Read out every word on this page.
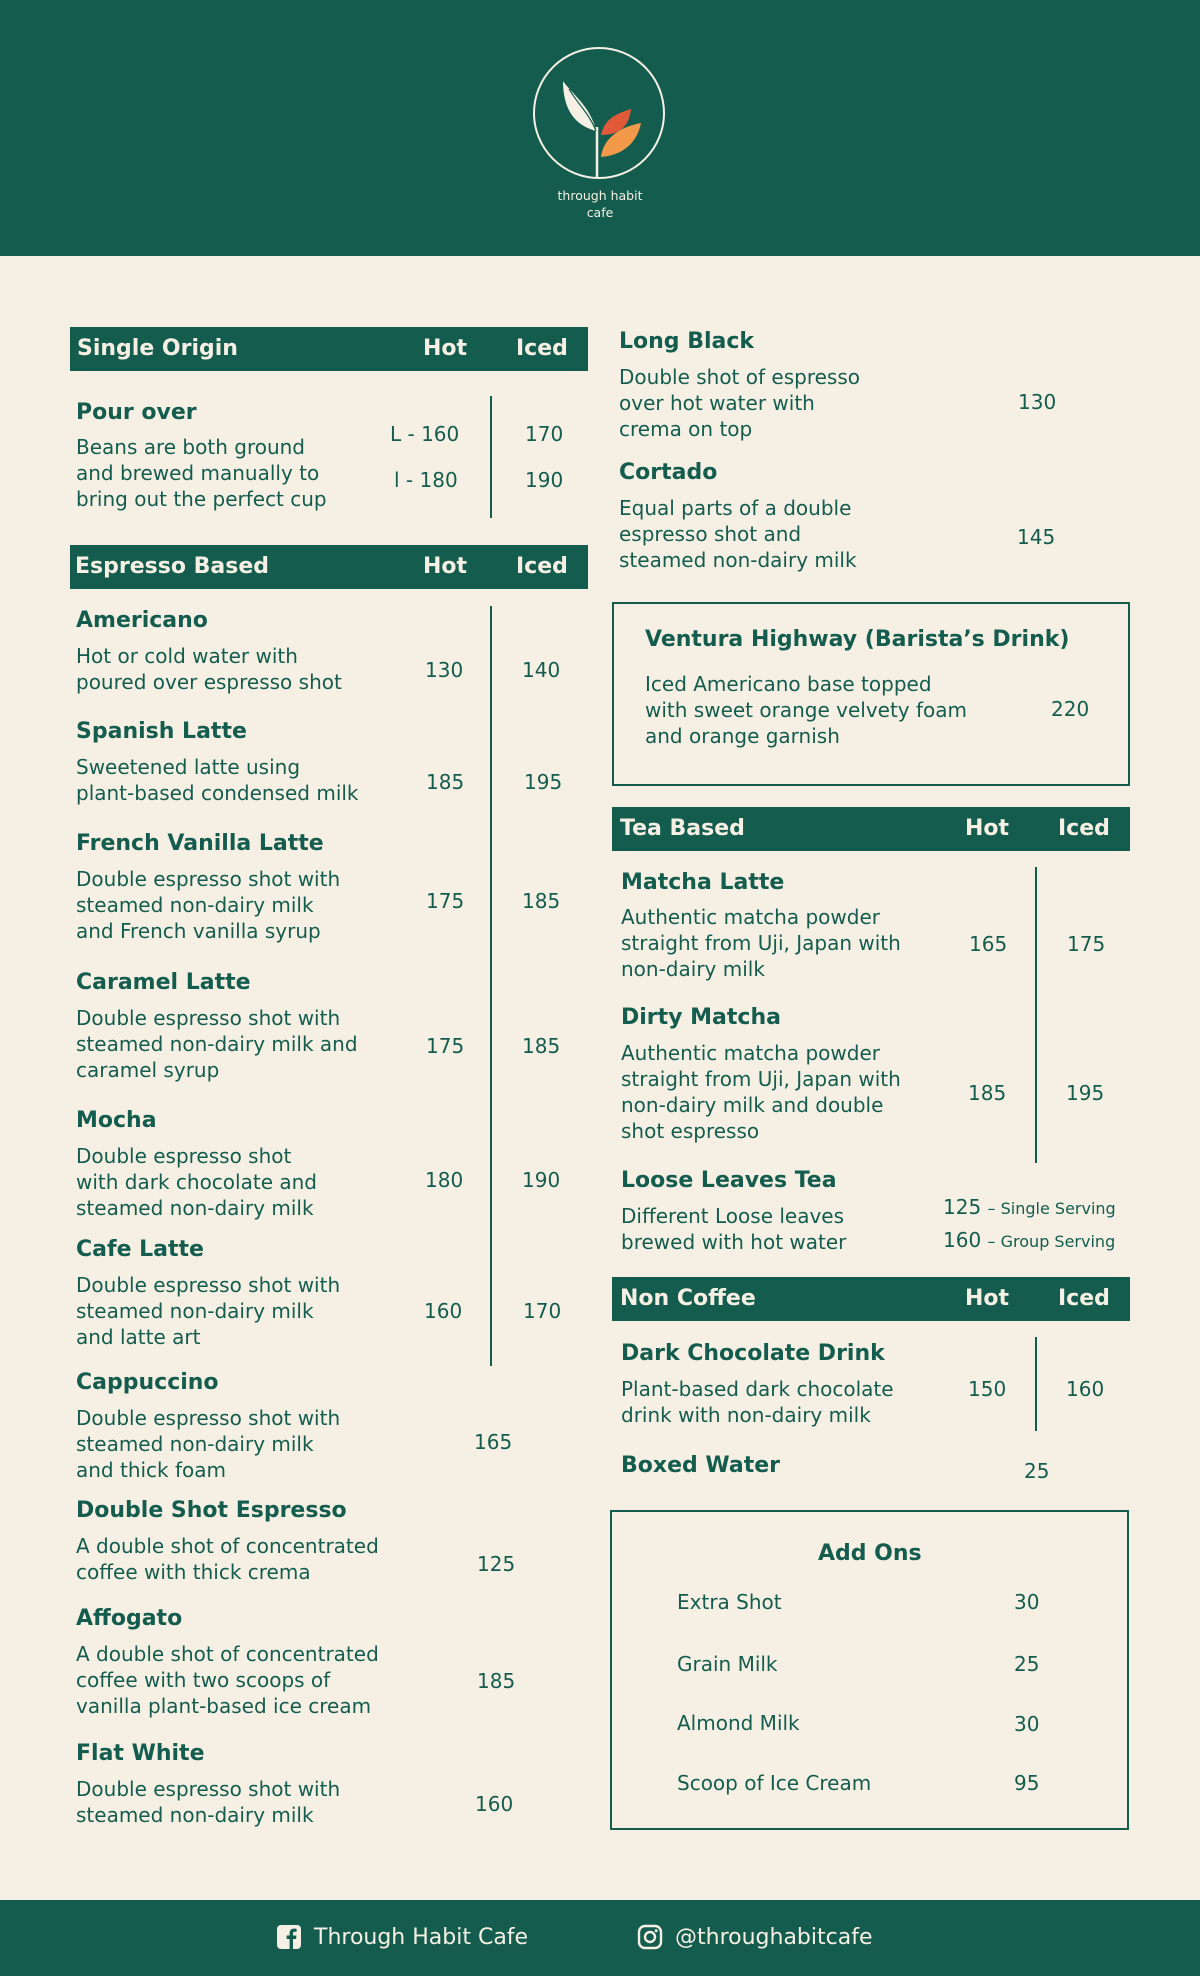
through habit
cafe
Single Origin	Hot Iced
Pour over
Beans are both ground
and brewed manually to
bring out the perfect cup
L - 160	170
l - 180	190
Espresso Based	Hot Iced
Americano
Hot or cold water with
poured over espresso shot	130	140
Spanish Latte
Sweetened latte using
plant-based condensed milk	185	195
French Vanilla Latte
Double espresso shot with
steamed non-dairy milk
and French vanilla syrup
175	185
Caramel Latte
Double espresso shot with
steamed non-dairy milk and
caramel syrup
175	185
Mocha
Double espresso shot
with dark chocolate and
steamed non-dairy milk
180	190
Cafe Latte
Double espresso shot with
steamed non-dairy milk
and latte art
160	170
Cappuccino
Double espresso shot with
steamed non-dairy milk
and thick foam
165
Double Shot Espresso
A double shot of concentrated
coffee with thick crema	125
Affogato
A double shot of concentrated
coffee with two scoops of
vanilla plant-based ice cream
185
Flat White
Double espresso shot with
steamed non-dairy milk	160
Long Black
Double shot of espresso
over hot water with
crema on top
130
Cortado
Equal parts of a double
espresso shot and
steamed non-dairy milk
145
Ventura Highway (Barista’s Drink)
Iced Americano base topped
with sweet orange velvety foam
and orange garnish
220
Tea Based	Hot Iced
Matcha Latte
Authentic matcha powder
straight from Uji, Japan with
non-dairy milk
165	175
Dirty Matcha
Authentic matcha powder
straight from Uji, Japan with
non-dairy milk and double
shot espresso
185	195
Loose Leaves Tea
Different Loose leaves
brewed with hot water
125 – Single Serving
160 – Group Serving
Non Coffee	Hot Iced
Dark Chocolate Drink
Plant-based dark chocolate
drink with non-dairy milk
150	160
Boxed Water	25
Add Ons
Extra Shot	30
Grain Milk	25
Almond Milk	30
Scoop of Ice Cream	95
Through Habit Cafe	@throughabitcafe
